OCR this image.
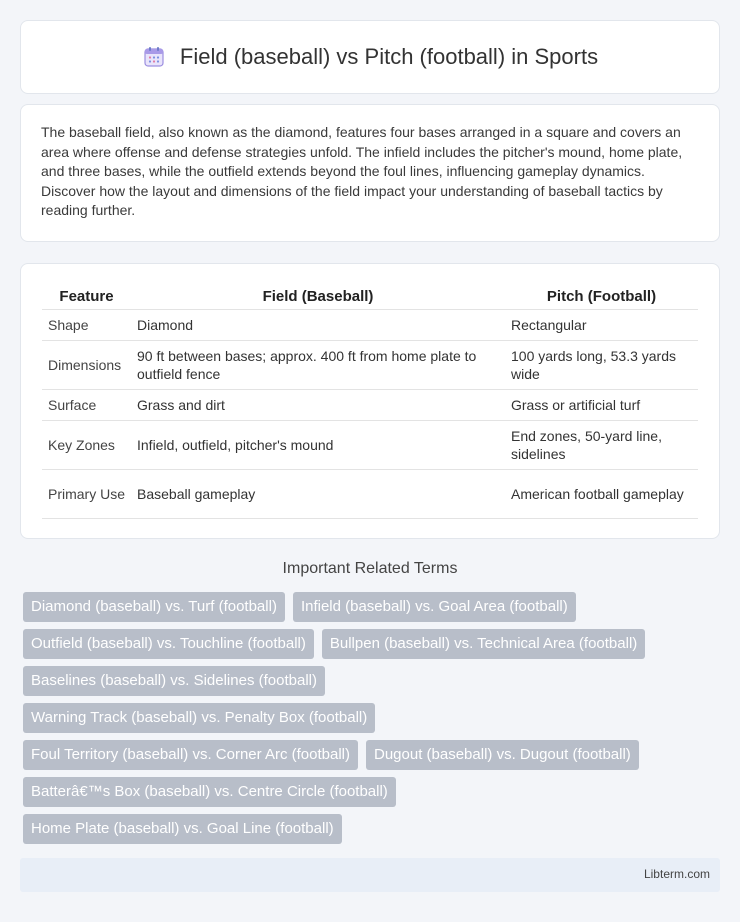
Field (baseball) vs Pitch (football) in Sports

The baseball field, also known as the diamond, features four bases arranged in a square and covers an area where offense and defense strategies unfold. The infield includes the pitcher's mound, home plate, and three bases, while the outfield extends beyond the foul lines, influencing gameplay dynamics. Discover how the layout and dimensions of the field impact your understanding of baseball tactics by reading further.

Feature	Field (Baseball)	Pitch (Football)
Shape	Diamond	Rectangular
Dimensions	90 ft between bases; approx. 400 ft from home plate to outfield fence	100 yards long, 53.3 yards wide
Surface	Grass and dirt	Grass or artificial turf
Key Zones	Infield, outfield, pitcher's mound	End zones, 50-yard line, sidelines
Primary Use	Baseball gameplay	American football gameplay
Important Related Terms
Diamond (baseball) vs. Turf (football)	Infield (baseball) vs. Goal Area (football)
Outfield (baseball) vs. Touchline (football)	Bullpen (baseball) vs. Technical Area (football)
Baselines (baseball) vs. Sidelines (football)
Warning Track (baseball) vs. Penalty Box (football)
Foul Territory (baseball) vs. Corner Arc (football)	Dugout (baseball) vs. Dugout (football)
Batterâ€™s Box (baseball) vs. Centre Circle (football)
Home Plate (baseball) vs. Goal Line (football)
Libterm.com
